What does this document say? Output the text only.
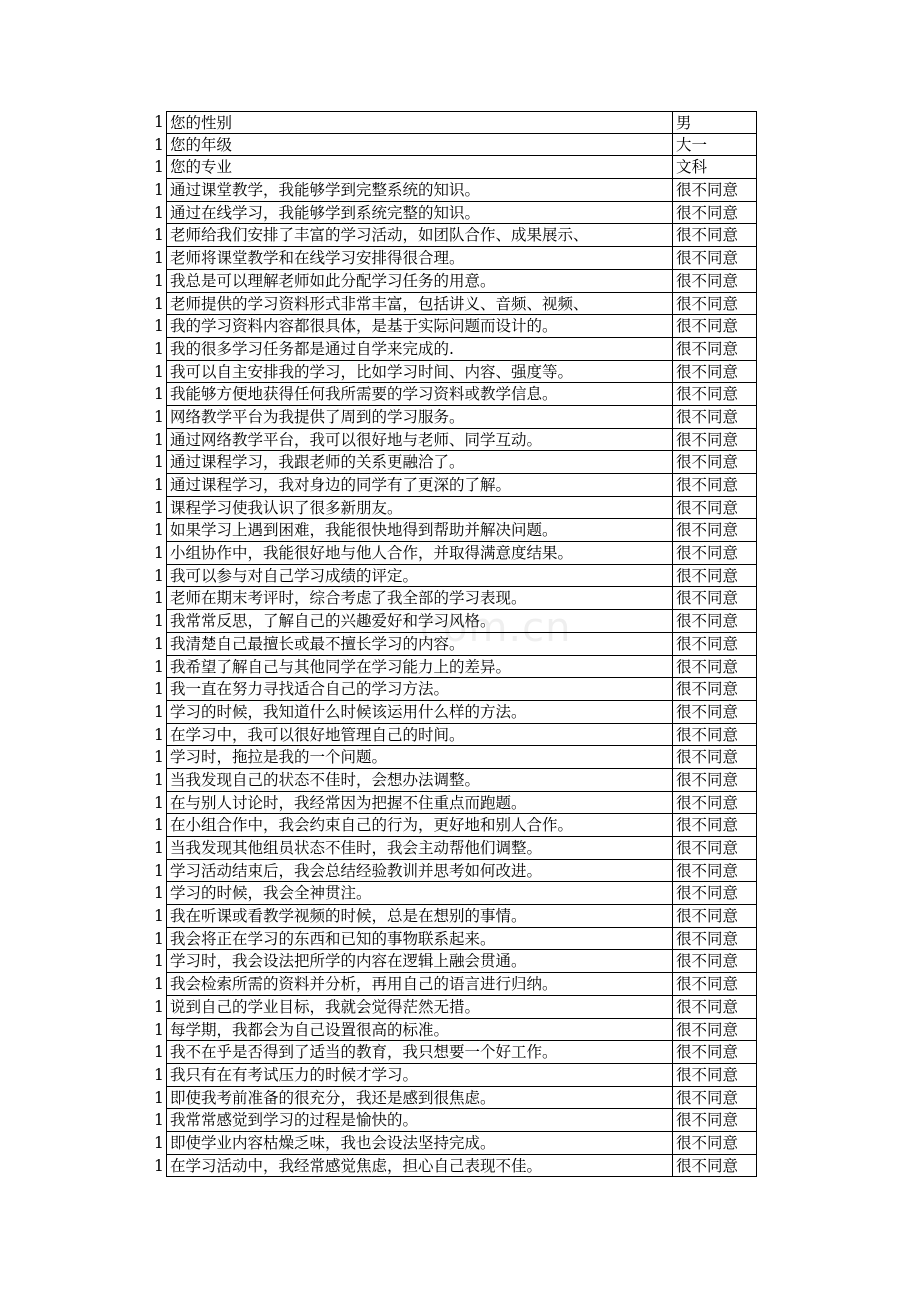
1 您的性别	男
1 您的年级	大一
1 您的专业	文科
1 通过课堂教学，我能够学到完整系统的知识。	很不同意
1 通过在线学习，我能够学到系统完整的知识。	很不同意
1 老师给我们安排了丰富的学习活动，如团队合作、成果展示、	很不同意
1 老师将课堂教学和在线学习安排得很合理。	很不同意
1 我总是可以理解老师如此分配学习任务的用意。	很不同意
1 老师提供的学习资料形式非常丰富，包括讲义、音频、视频、	很不同意
1 我的学习资料内容都很具体，是基于实际问题而设计的。	很不同意
1 我的很多学习任务都是通过自学来完成的.	很不同意
1 我可以自主安排我的学习，比如学习时间、内容、强度等。	很不同意
1 我能够方便地获得任何我所需要的学习资料或教学信息。	很不同意
1 网络教学平台为我提供了周到的学习服务。	很不同意
1 通过网络教学平台，我可以很好地与老师、同学互动。	很不同意
1 通过课程学习，我跟老师的关系更融洽了。	很不同意
1 通过课程学习，我对身边的同学有了更深的了解。	很不同意
1 课程学习使我认识了很多新朋友。	很不同意
1 如果学习上遇到困难，我能很快地得到帮助并解决问题。	很不同意
1 小组协作中，我能很好地与他人合作，并取得满意度结果。	很不同意
1 我可以参与对自己学习成绩的评定。	很不同意
1 老师在期末考评时，综合考虑了我全部的学习表现。	很不同意
1 我常常反思，了解自己的兴趣爱好和学习风格。	很不同意
1 我清楚自己最擅长或最不擅长学习的内容。	很不同意
1 我希望了解自己与其他同学在学习能力上的差异。	很不同意
1 我一直在努力寻找适合自己的学习方法。	很不同意
1 学习的时候，我知道什么时候该运用什么样的方法。	很不同意
1 在学习中，我可以很好地管理自己的时间。	很不同意
1 学习时，拖拉是我的一个问题。	很不同意
1 当我发现自己的状态不佳时，会想办法调整。	很不同意
1 在与别人讨论时，我经常因为把握不住重点而跑题。	很不同意
1 在小组合作中，我会约束自己的行为，更好地和别人合作。	很不同意
1 当我发现其他组员状态不佳时，我会主动帮他们调整。	很不同意
1 学习活动结束后，我会总结经验教训并思考如何改进。	很不同意
1 学习的时候，我会全神贯注。	很不同意
1 我在听课或看教学视频的时候，总是在想别的事情。	很不同意
1 我会将正在学习的东西和已知的事物联系起来。	很不同意
1 学习时，我会设法把所学的内容在逻辑上融会贯通。	很不同意
1 我会检索所需的资料并分析，再用自己的语言进行归纳。	很不同意
1 说到自己的学业目标，我就会觉得茫然无措。	很不同意
1 每学期，我都会为自己设置很高的标准。	很不同意
1 我不在乎是否得到了适当的教育，我只想要一个好工作。	很不同意
1 我只有在有考试压力的时候才学习。	很不同意
1 即使我考前准备的很充分，我还是感到很焦虑。	很不同意
1 我常常感觉到学习的过程是愉快的。	很不同意
1 即使学业内容枯燥乏味，我也会设法坚持完成。	很不同意
1 在学习活动中，我经常感觉焦虑，担心自己表现不佳。	很不同意
com.cn
